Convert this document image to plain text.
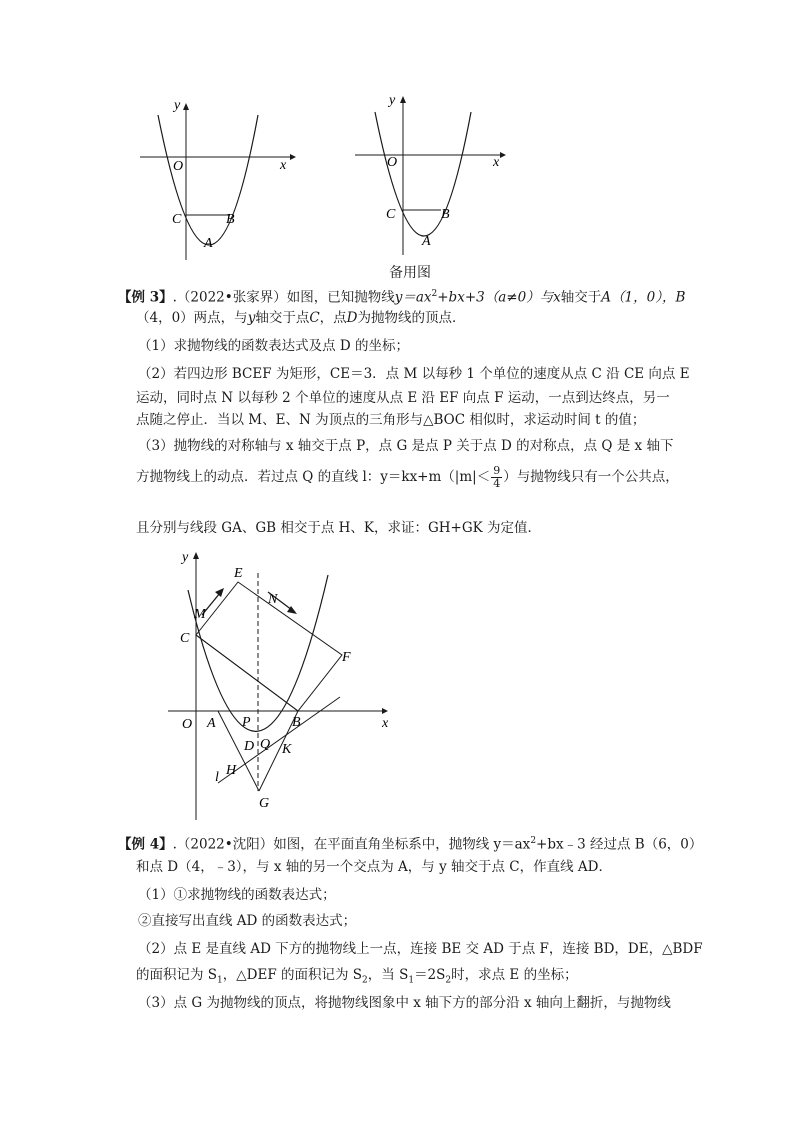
y
x
O
C	B
A
y
x
O
C	B
A
备用图
【例 3】.（2022•张家界）如图，已知抛物线$y=ax^2+bx+3(a\ne 0)$与x轴交于A（1，0），B
（4，0）两点，与y轴交于点C，点D为抛物线的顶点．
（1）求抛物线的函数表达式及点 D 的坐标；
（2）若四边形 BCEF 为矩形，CE＝3．点 M 以每秒 1 个单位的速度从点 C 沿 CE 向点 E
运动，同时点 N 以每秒 2 个单位的速度从点 E 沿 EF 向点 F 运动，一点到达终点，另一
点随之停止．当以 M、E、N 为顶点的三角形与△BOC 相似时，求运动时间 t 的值；
（3）抛物线的对称轴与 x 轴交于点 P，点 G 是点 P 关于点 D 的对称点，点 Q 是 x 轴下
方抛物线上的动点．若过点 Q 的直线 l：$y=kx+m(|m|< \frac{9}{4}$ ）与抛物线只有一个公共点，
且分别与线段 GA、GB 相交于点 H、K，求证：GH+GK 为定值．
y
x
O
E
N
M
C
F
A P	B
D Q K
H
l
G
【例 4】.（2022•沈阳）如图，在平面直角坐标系中，抛物线 $y=ax^2+bx﹣3$ 经过点 B（6，0）
和点 D（4，﹣3），与 x 轴的另一个交点为 A，与 y 轴交于点 C，作直线 AD．
（1）①求抛物线的函数表达式；
②直接写出直线 AD 的函数表达式；
（2）点 E 是直线 AD 下方的抛物线上一点，连接 BE 交 AD 于点 F，连接 BD，DE，△BDF
的面积记为 $S_1$，△DEF 的面积记为 $S_2$，当 $S_1=2S_2$时，求点 E 的坐标；
（3）点 G 为抛物线的顶点，将抛物线图象中 x 轴下方的部分沿 x 轴向上翻折，与抛物线
